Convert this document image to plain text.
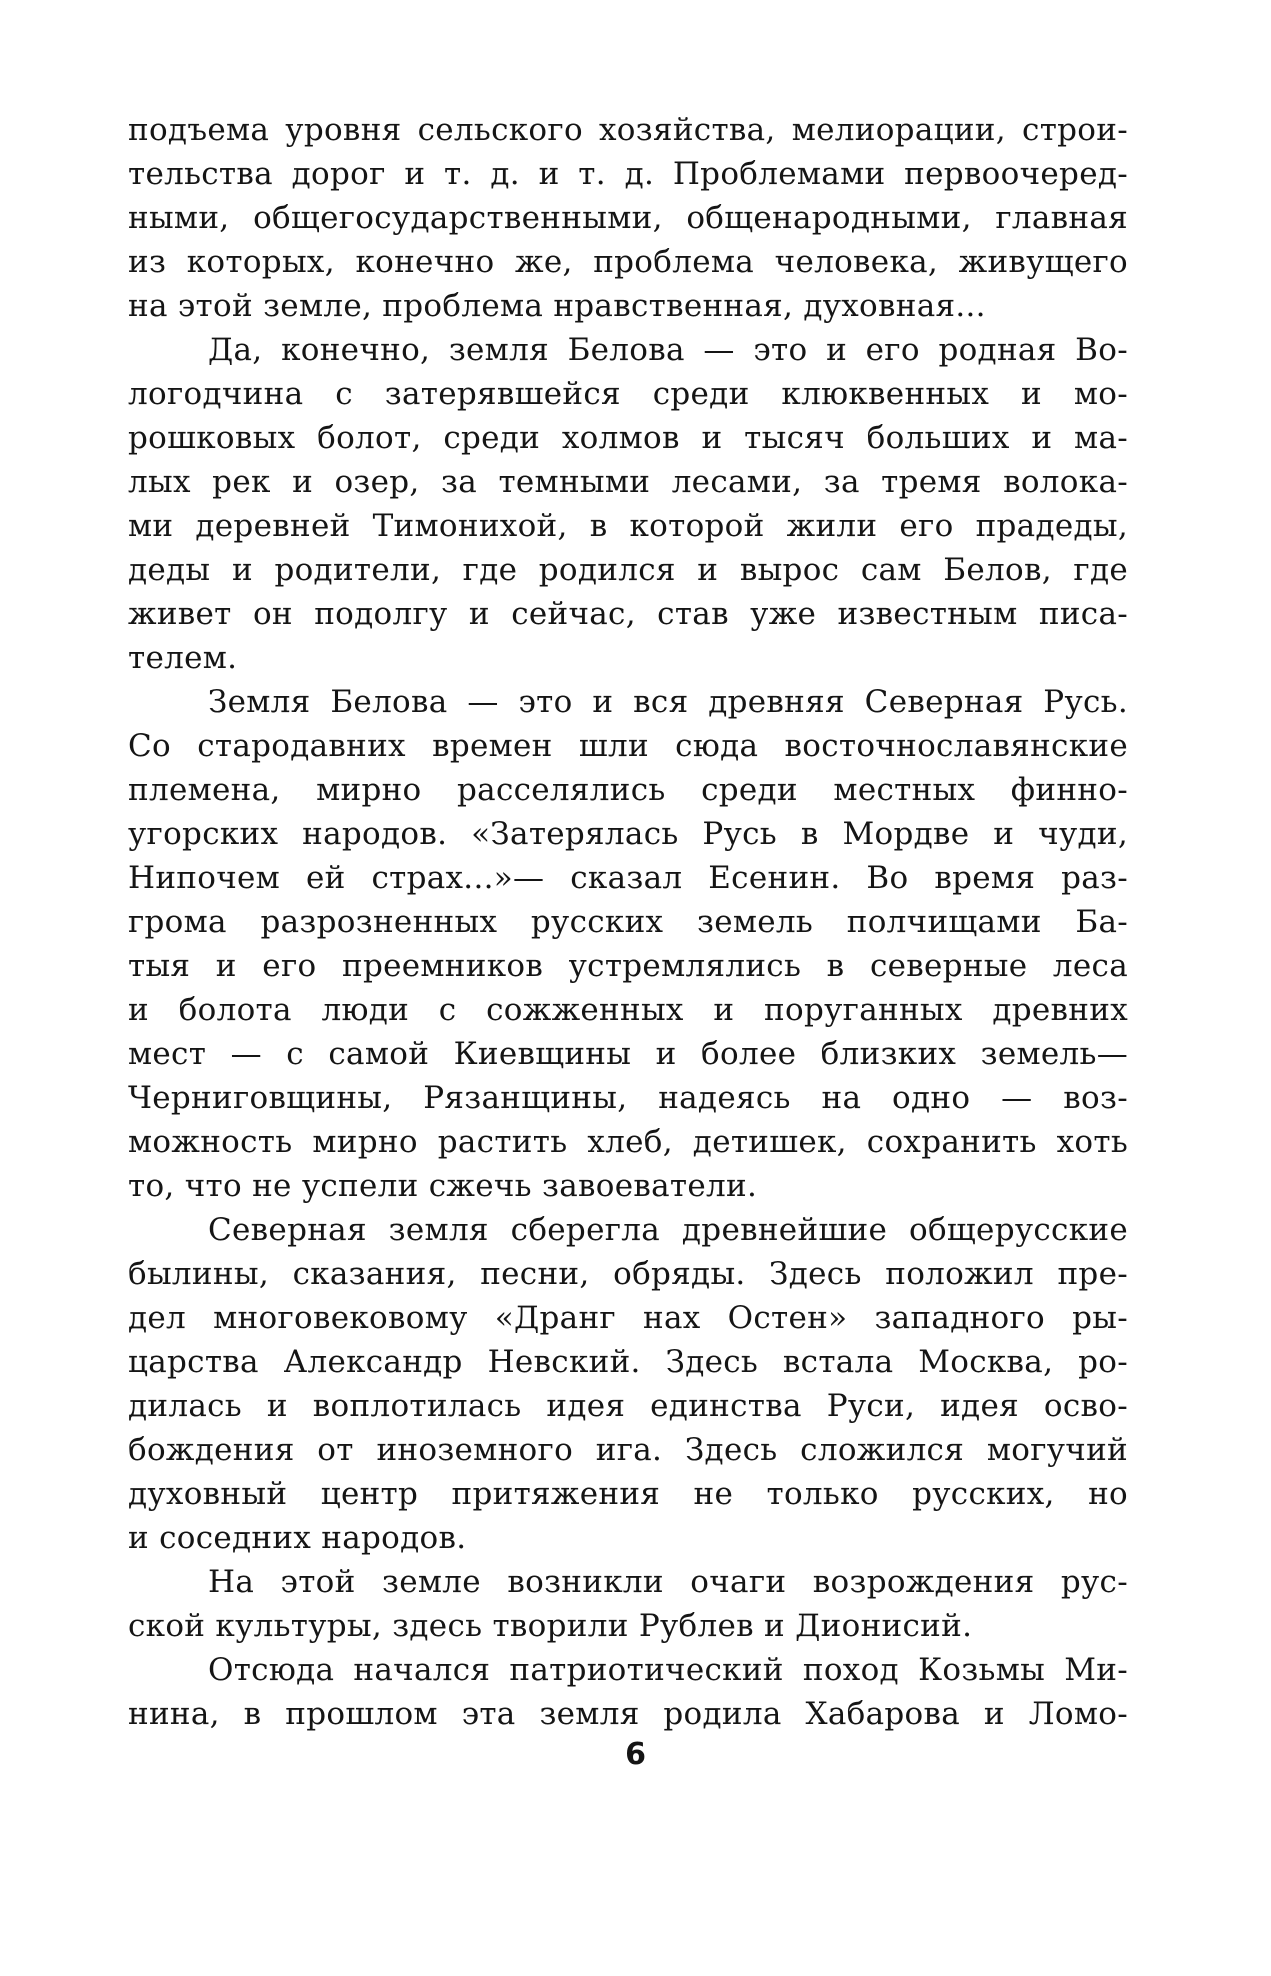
подъема уровня сельского хозяйства, мелиорации, строи-
тельства дорог и т. д. и т. д. Проблемами первоочеред-
ными, общегосударственными, общенародными, главная
из которых, конечно же, проблема человека, живущего
на этой земле, проблема нравственная, духовная...
Да, конечно, земля Белова — это и его родная Во-
логодчина с затерявшейся среди клюквенных и мо-
рошковых болот, среди холмов и тысяч больших и ма-
лых рек и озер, за темными лесами, за тремя волока-
ми деревней Тимонихой, в которой жили его прадеды,
деды и родители, где родился и вырос сам Белов, где
живет он подолгу и сейчас, став уже известным писа-
телем.
Земля Белова — это и вся древняя Северная Русь.
Со стародавних времен шли сюда восточнославянские
племена, мирно расселялись среди местных финно-
угорских народов. «Затерялась Русь в Мордве и чуди,
Нипочем ей страх...»— сказал Есенин. Во время раз-
грома разрозненных русских земель полчищами Ба-
тыя и его преемников устремлялись в северные леса
и болота люди с сожженных и поруганных древних
мест — с самой Киевщины и более близких земель—
Черниговщины, Рязанщины, надеясь на одно — воз-
можность мирно растить хлеб, детишек, сохранить хоть
то, что не успели сжечь завоеватели.
Северная земля сберегла древнейшие общерусские
былины, сказания, песни, обряды. Здесь положил пре-
дел многовековому «Дранг нах Остен» западного ры-
царства Александр Невский. Здесь встала Москва, ро-
дилась и воплотилась идея единства Руси, идея осво-
бождения от иноземного ига. Здесь сложился могучий
духовный центр притяжения не только русских, но
и соседних народов.
На этой земле возникли очаги возрождения рус-
ской культуры, здесь творили Рублев и Дионисий.
Отсюда начался патриотический поход Козьмы Ми-
нина, в прошлом эта земля родила Хабарова и Ломо-
6
